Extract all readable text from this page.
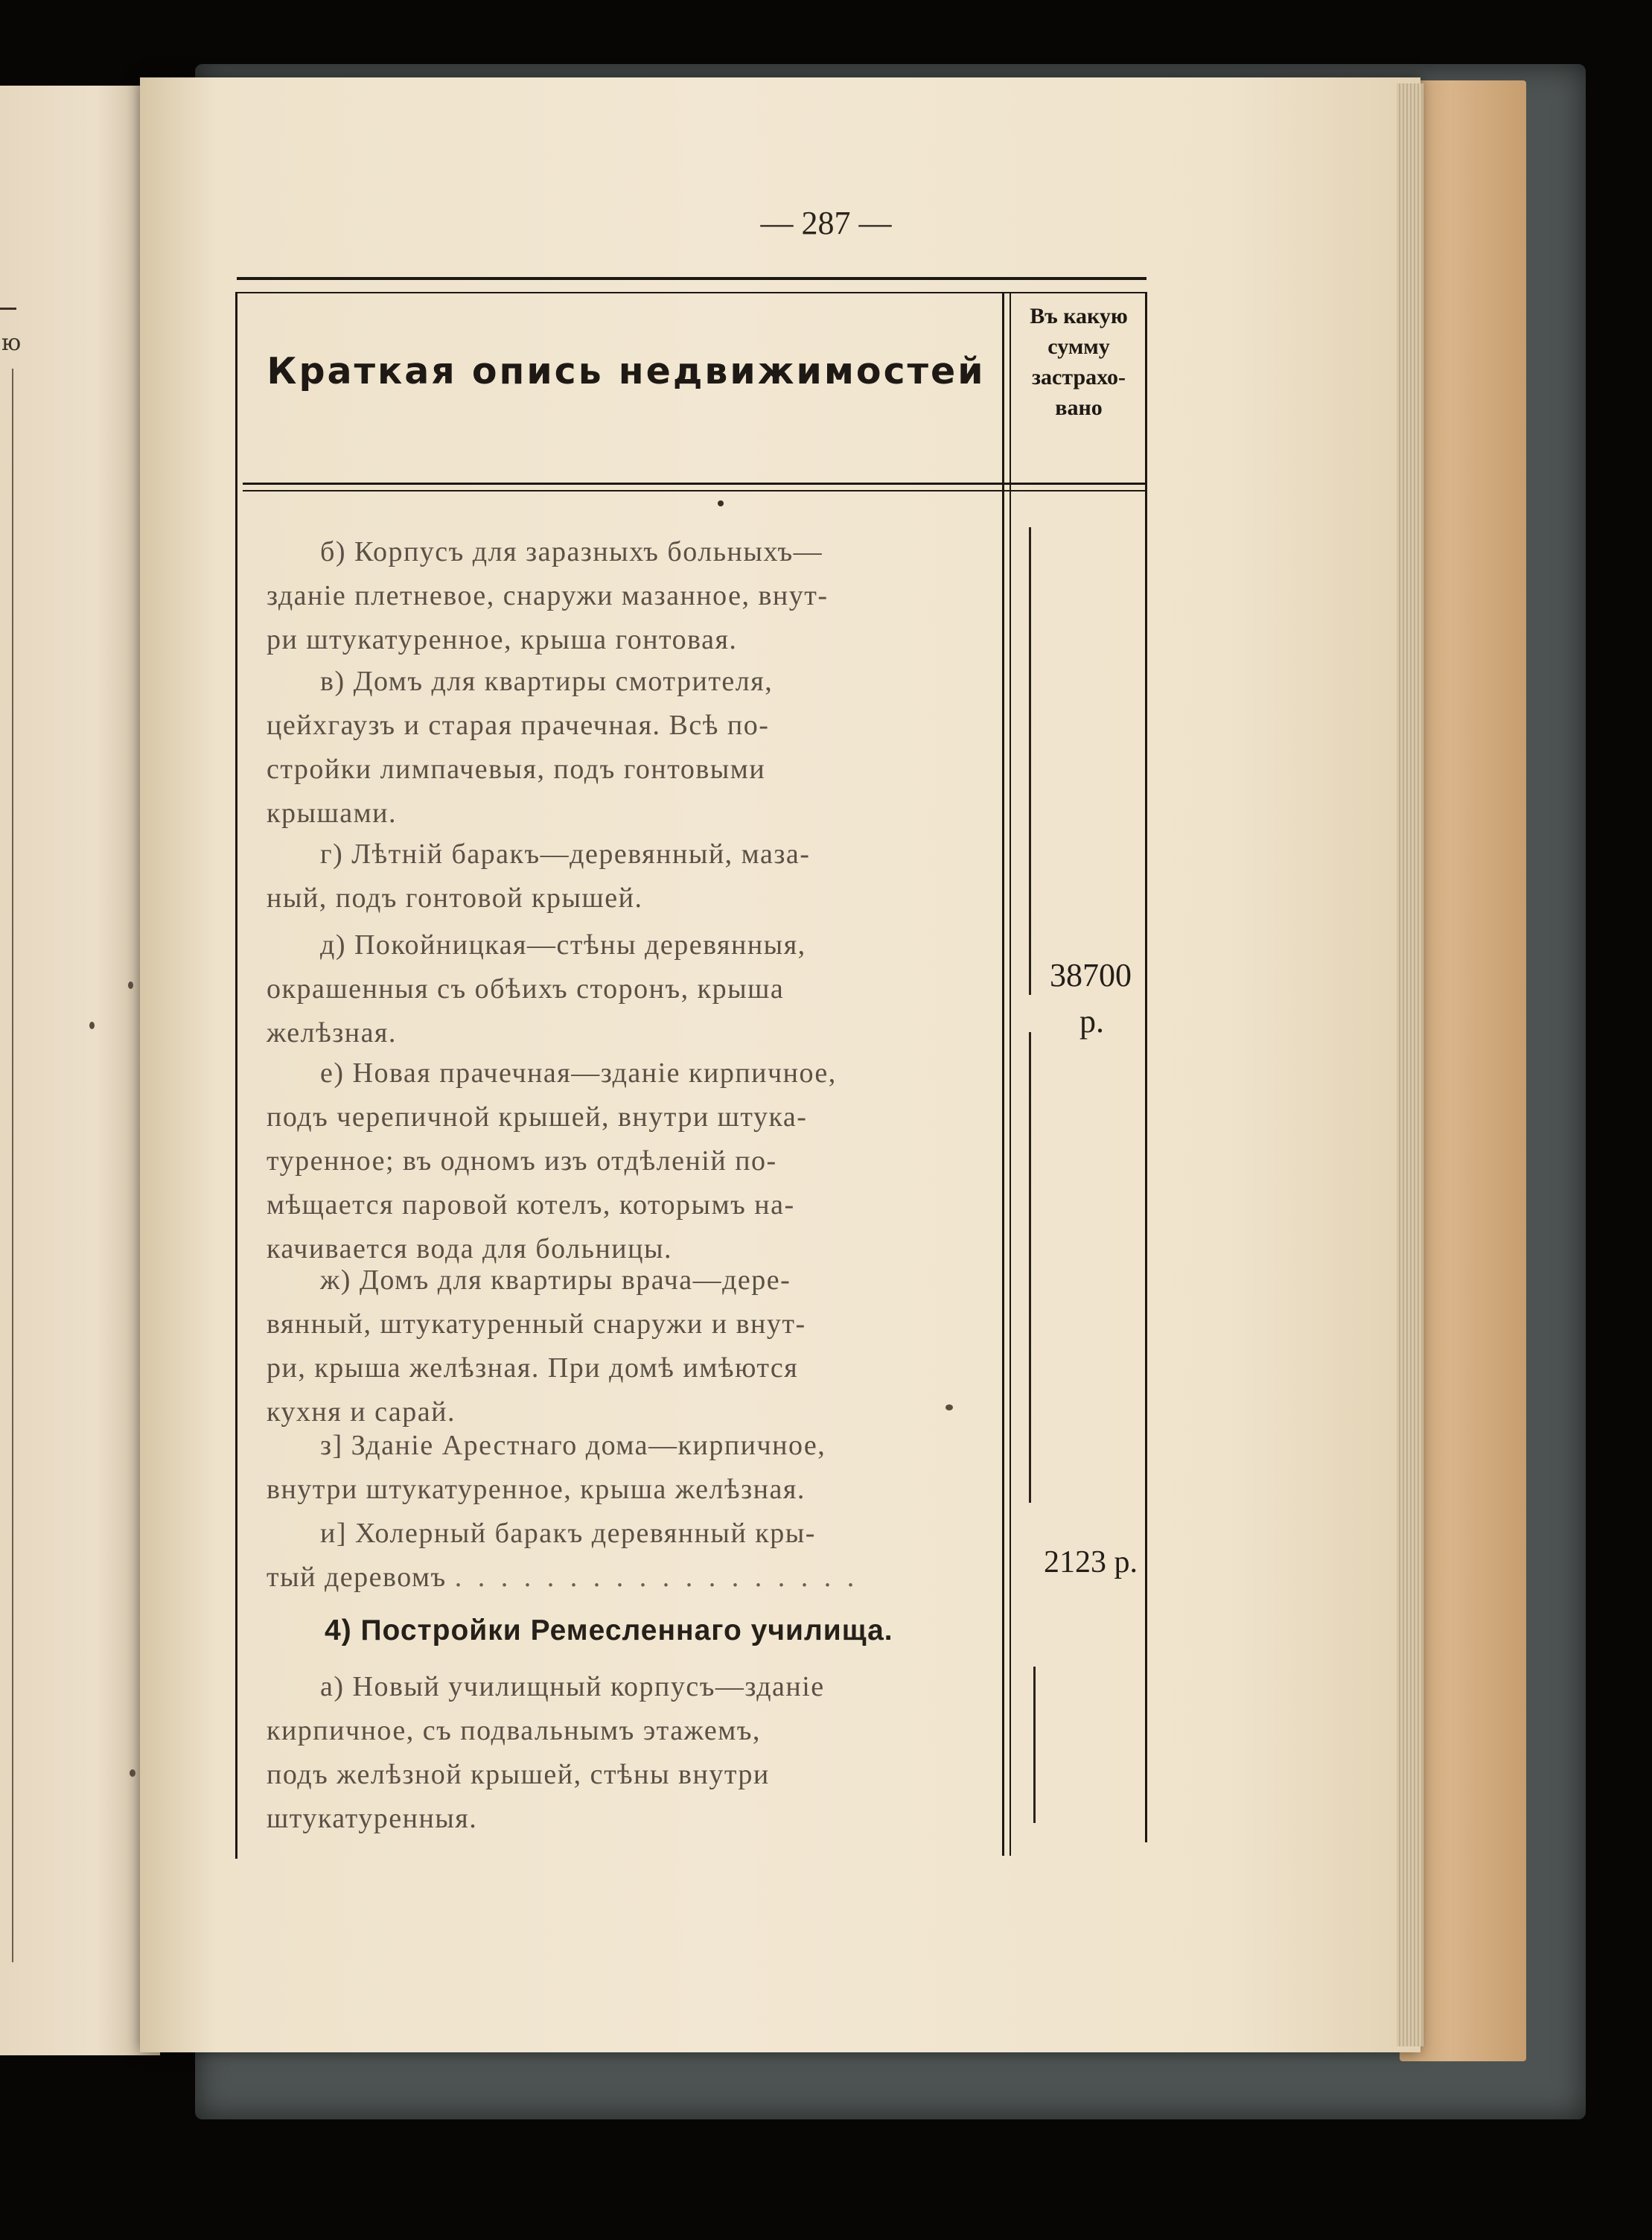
ю
— 287 —
Краткая опись недвижимостей
Въ какую
сумму
застрахо-
вано
б) Корпусъ для заразныхъ больныхъ—
зданіе плетневое, снаружи мазанное, внут-
ри штукатуренное, крыша гонтовая.
в) Домъ для квартиры смотрителя,
цейхгаузъ и старая прачечная. Всѣ по-
стройки лимпачевыя, подъ гонтовыми
крышами.
г) Лѣтній баракъ—деревянный, маза-
ный, подъ гонтовой крышей.
д) Покойницкая—стѣны деревянныя,
окрашенныя съ обѣихъ сторонъ, крыша
желѣзная.
е) Новая прачечная—зданіе кирпичное,
подъ черепичной крышей, внутри штука-
туренное; въ одномъ изъ отдѣленій по-
мѣщается паровой котелъ, которымъ на-
качивается вода для больницы.
ж) Домъ для квартиры врача—дере-
вянный, штукатуренный снаружи и внут-
ри, крыша желѣзная. При домѣ имѣются
кухня и сарай.
з] Зданіе Арестнаго дома—кирпичное,
внутри штукатуренное, крыша желѣзная.
и] Холерный баракъ деревянный кры-
тый деревомъ . . . . . . . . . . . . . . . . . .
4) Постройки Ремесленнаго училища.
а) Новый училищный корпусъ—зданіе
кирпичное, съ подвальнымъ этажемъ,
подъ желѣзной крышей, стѣны внутри
штукатуренныя.
38700
р.
2123 р.
